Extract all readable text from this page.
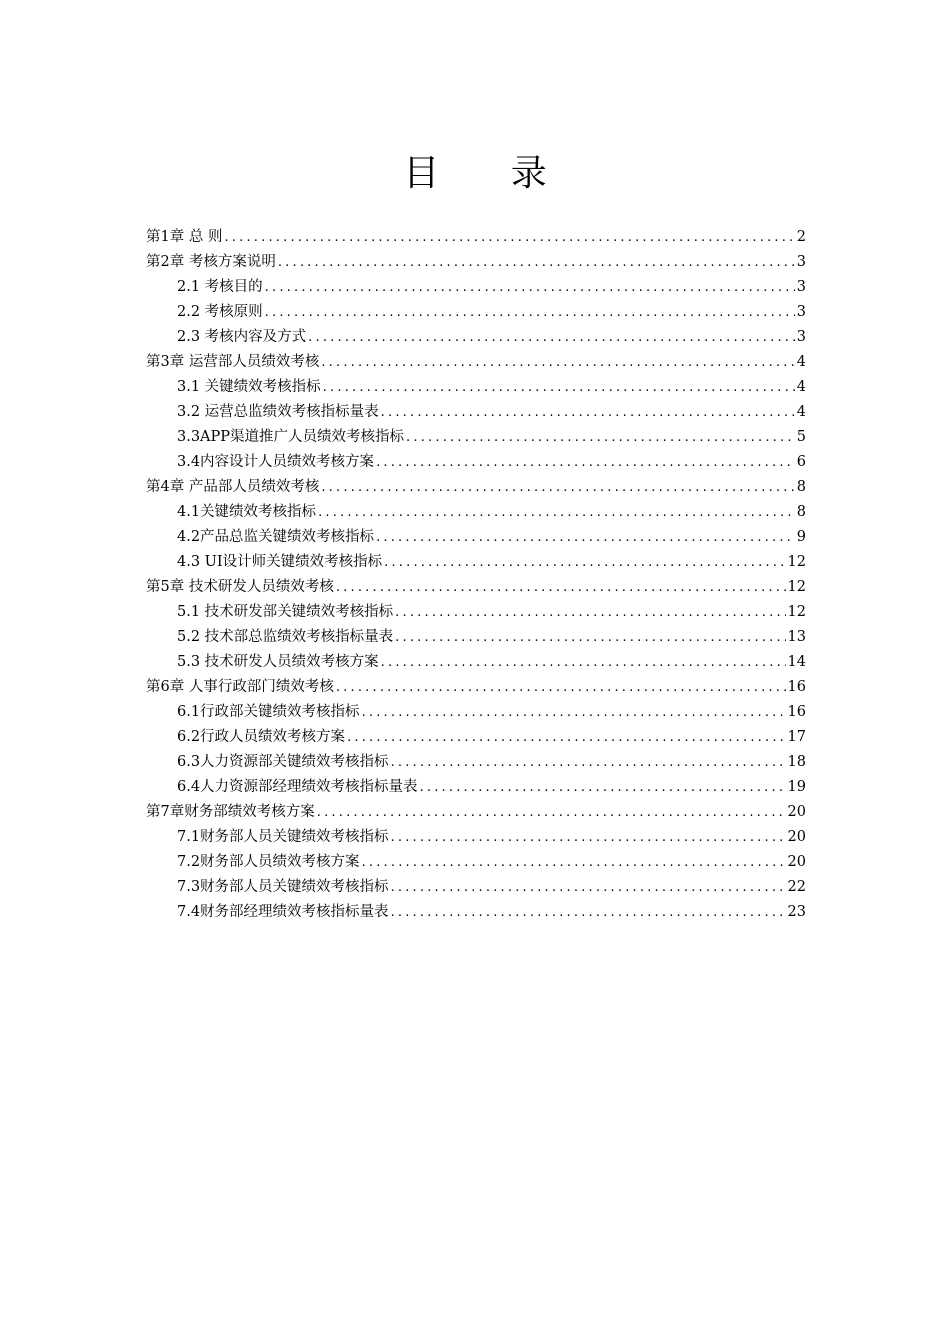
目 录
第1章 总 则 .....	2
第2章 考核方案说明 .....	3
2.1 考核目的 .....	3
2.2 考核原则 .....	3
2.3 考核内容及方式 .....	3
第3章 运营部人员绩效考核 .....	4
3.1 关键绩效考核指标 .....	4
3.2 运营总监绩效考核指标量表 .....	4
3.3APP渠道推广人员绩效考核指标 .....	5
3.4内容设计人员绩效考核方案 .....	6
第4章 产品部人员绩效考核 .....	8
4.1关键绩效考核指标 .....	8
4.2产品总监关键绩效考核指标 .....	9
4.3 UI设计师关键绩效考核指标 .....	12
第5章 技术研发人员绩效考核 .....	12
5.1 技术研发部关键绩效考核指标 .....	12
5.2 技术部总监绩效考核指标量表 .....	13
5.3 技术研发人员绩效考核方案 .....	14
第6章 人事行政部门绩效考核 .....	16
6.1行政部关键绩效考核指标 .....	16
6.2行政人员绩效考核方案 .....	17
6.3人力资源部关键绩效考核指标 .....	18
6.4人力资源部经理绩效考核指标量表 .....	19
第7章财务部绩效考核方案 .....	20
7.1财务部人员关键绩效考核指标 .....	20
7.2财务部人员绩效考核方案 .....	20
7.3财务部人员关键绩效考核指标 .....	22
7.4财务部经理绩效考核指标量表 .....	23
